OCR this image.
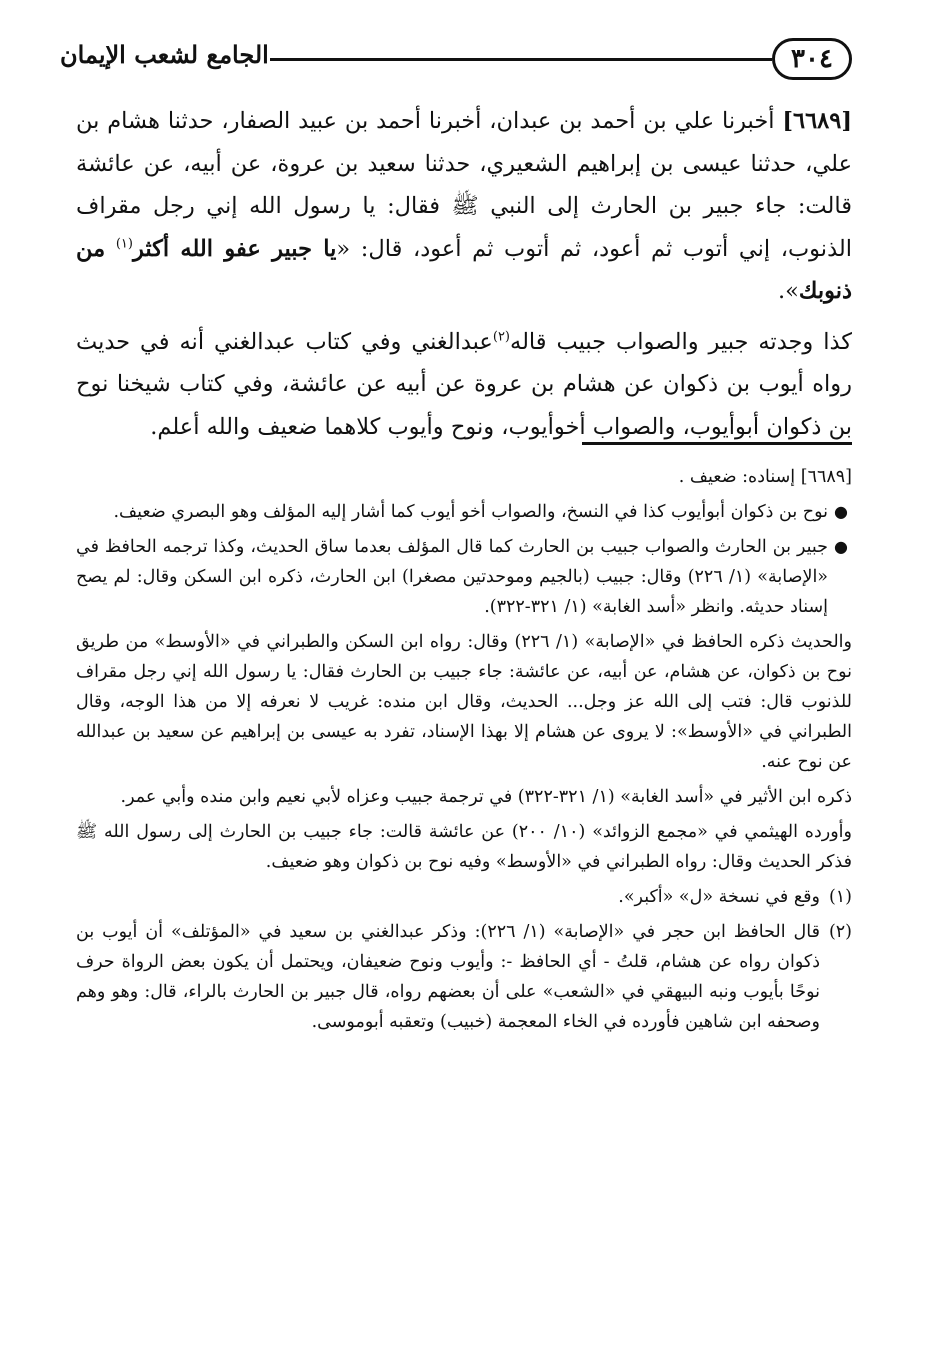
٣٠٤
الجامع لشعب الإيمان

[٦٦٨٩] أخبرنا علي بن أحمد بن عبدان، أخبرنا أحمد بن عبيد الصفار، حدثنا هشام بن علي، حدثنا عيسى بن إبراهيم الشعيري، حدثنا سعيد بن عروة، عن أبيه، عن عائشة قالت: جاء جبير بن الحارث إلى النبي ﷺ فقال: يا رسول الله إني رجل مقراف الذنوب، إني أتوب ثم أعود، ثم أتوب ثم أعود، قال: «يا جبير عفو الله أكثر$^{(١)}$ من ذنوبك».

كذا وجدته جبير والصواب جبيب قاله$^{(٢)}$عبدالغني وفي كتاب عبدالغني أنه في حديث رواه أيوب بن ذكوان عن هشام بن عروة عن أبيه عن عائشة، وفي كتاب شيخنا نوح بن ذكوان أبوأيوب، والصواب أخوأيوب، ونوح وأيوب كلاهما ضعيف والله أعلم.

[٦٦٨٩] إسناده: ضعيف .

●
نوح بن ذكوان أبوأيوب كذا في النسخ، والصواب أخو أيوب كما أشار إليه المؤلف وهو البصري ضعيف.

●
جبير بن الحارث والصواب جبيب بن الحارث كما قال المؤلف بعدما ساق الحديث، وكذا ترجمه الحافظ في «الإصابة» (١/ ٢٢٦) وقال: جبيب (بالجيم وموحدتين مصغرا) ابن الحارث، ذكره ابن السكن وقال: لم يصح إسناد حديثه. وانظر «أسد الغابة» (١/ ٣٢١-٣٢٢).

والحديث ذكره الحافظ في «الإصابة» (١/ ٢٢٦) وقال: رواه ابن السكن والطبراني في «الأوسط» من طريق نوح بن ذكوان، عن هشام، عن أبيه، عن عائشة: جاء جبيب بن الحارث فقال: يا رسول الله إني رجل مقراف للذنوب قال: فتب إلى الله عز وجل... الحديث، وقال ابن منده: غريب لا نعرفه إلا من هذا الوجه، وقال الطبراني في «الأوسط»: لا يروى عن هشام إلا بهذا الإسناد، تفرد به عيسى بن إبراهيم عن سعيد بن عبدالله عن نوح عنه.

ذكره ابن الأثير في «أسد الغابة» (١/ ٣٢١-٣٢٢) في ترجمة جبيب وعزاه لأبي نعيم وابن منده وأبي عمر.

وأورده الهيثمي في «مجمع الزوائد» (١٠/ ٢٠٠) عن عائشة قالت: جاء جبيب بن الحارث إلى رسول الله ﷺ فذكر الحديث وقال: رواه الطبراني في «الأوسط» وفيه نوح بن ذكوان وهو ضعيف.

(١)
وقع في نسخة «ل» «أكبر».

(٢)
قال الحافظ ابن حجر في «الإصابة» (١/ ٢٢٦): وذكر عبدالغني بن سعيد في «المؤتلف» أن أيوب بن ذكوان رواه عن هشام، قلتُ - أي الحافظ -: وأيوب ونوح ضعيفان، ويحتمل أن يكون بعض الرواة حرف نوحًا بأيوب ونبه البيهقي في «الشعب» على أن بعضهم رواه، قال جبير بن الحارث بالراء، قال: وهو وهم وصحفه ابن شاهين فأورده في الخاء المعجمة (خبيب) وتعقبه أبوموسى.
